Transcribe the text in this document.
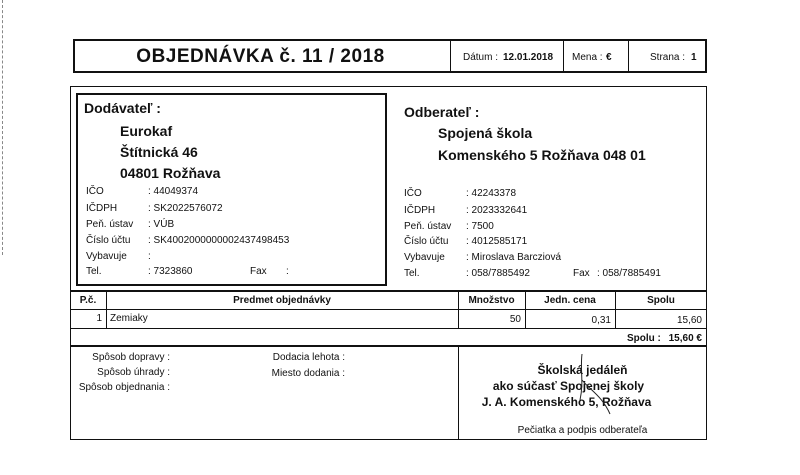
OBJEDNÁVKA č. 11 / 2018	Dátum : 12.01.2018 Mena : €	Strana : 1
Dodávateľ :
Eurokaf
Štítnická 46
04801 Rožňava
IČO	: 44049374
IČDPH	: SK2022576072
Peň. ústav : VÚB
Číslo účtu : SK4002000000002437498453
Vybavuje :
Tel.	: 7323860	Fax :
Odberateľ :
Spojená škola
Komenského 5 Rožňava 048 01
IČO	: 42243378
IČDPH	: 2023332641
Peň. ústav : 7500
Číslo účtu : 4012585171
Vybavuje : Miroslava Barcziová
Tel.	: 058/7885492	Fax : 058/7885491
P.č.	Predmet objednávky	Množstvo	Jedn. cena	Spolu
1 Zemiaky	50	0,31	15,60
Spolu : 15,60 €
Spôsob dopravy :
Spôsob úhrady :
Spôsob objednania :
Dodacia lehota :
Miesto dodania :	Školská jedáleň
ako súčasť Spojenej školy
J. A. Komenského 5, Rožňava
Pečiatka a podpis odberateľa
